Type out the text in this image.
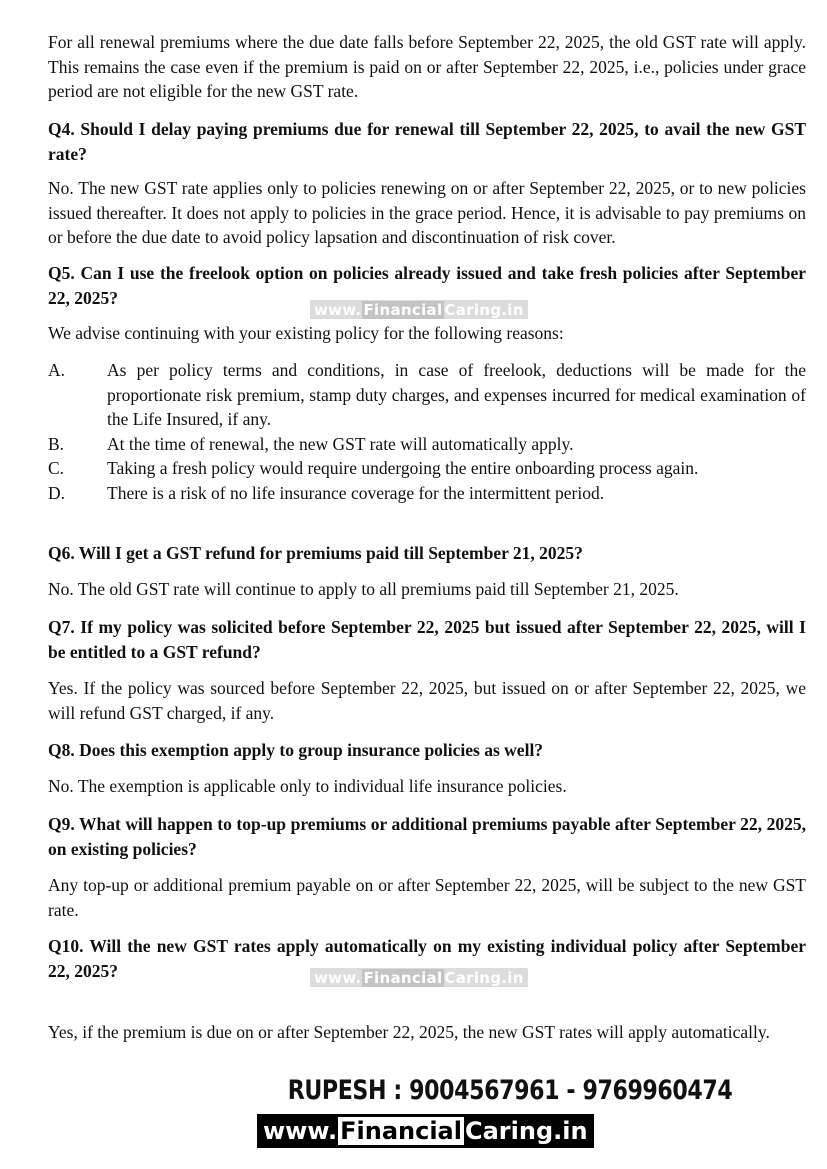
For all renewal premiums where the due date falls before September 22, 2025, the old GST rate will apply. This remains the case even if the premium is paid on or after September 22, 2025, i.e., policies under grace period are not eligible for the new GST rate.

Q4. Should I delay paying premiums due for renewal till September 22, 2025, to avail the new GST rate?

No. The new GST rate applies only to policies renewing on or after September 22, 2025, or to new policies issued thereafter. It does not apply to policies in the grace period. Hence, it is advisable to pay premiums on or before the due date to avoid policy lapsation and discontinuation of risk cover.

Q5. Can I use the freelook option on policies already issued and take fresh policies after September 22, 2025?

www. Financial Caring.in

We advise continuing with your existing policy for the following reasons:

A.	As per policy terms and conditions, in case of freelook, deductions will be made for the proportionate risk premium, stamp duty charges, and expenses incurred for medical examination of the Life Insured, if any.
B.	At the time of renewal, the new GST rate will automatically apply.
C.	Taking a fresh policy would require undergoing the entire onboarding process again.
D.	There is a risk of no life insurance coverage for the intermittent period.

Q6. Will I get a GST refund for premiums paid till September 21, 2025?

No. The old GST rate will continue to apply to all premiums paid till September 21, 2025.

Q7. If my policy was solicited before September 22, 2025 but issued after September 22, 2025, will I be entitled to a GST refund?

Yes. If the policy was sourced before September 22, 2025, but issued on or after September 22, 2025, we will refund GST charged, if any.

Q8. Does this exemption apply to group insurance policies as well?

No. The exemption is applicable only to individual life insurance policies.

Q9. What will happen to top-up premiums or additional premiums payable after September 22, 2025, on existing policies?

Any top-up or additional premium payable on or after September 22, 2025, will be subject to the new GST rate.

Q10. Will the new GST rates apply automatically on my existing individual policy after September 22, 2025?	www. Financial Caring.in

Yes, if the premium is due on or after September 22, 2025, the new GST rates will apply automatically.

RUPESH : 9004567961 - 9769960474
www. Financial Caring.in
